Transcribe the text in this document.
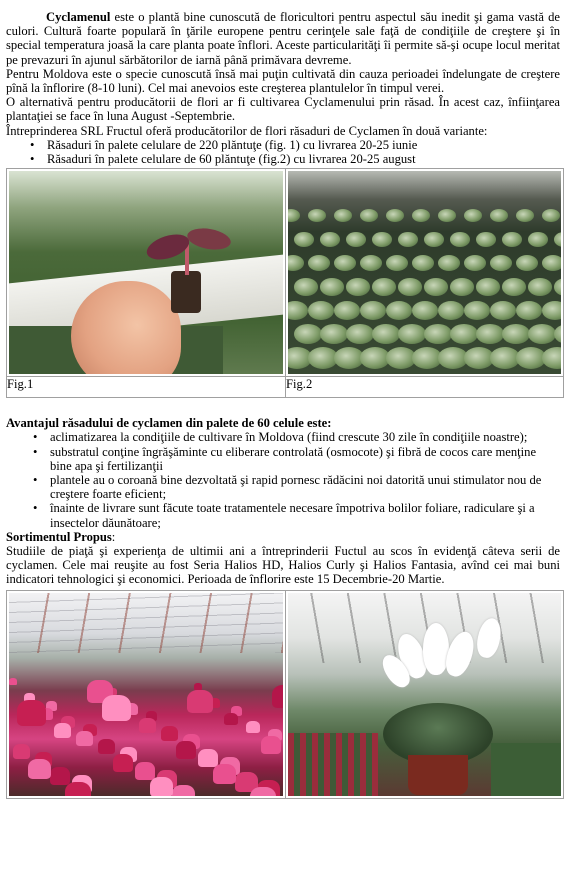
Cyclamenul este o plantă bine cunoscută de floricultori pentru aspectul său inedit şi gama vastă de culori. Cultură foarte populară în ţările europene pentru cerinţele sale faţă de condiţiile de creştere şi în special temperatura joasă la care planta poate înflori. Aceste particularităţi îi permite să-şi ocupe locul meritat pe prevazuri în ajunul sărbătorilor de iarnă până primăvara devreme.

Pentru Moldova este o specie cunoscută însă mai puţin cultivată din cauza perioadei îndelungate de creştere pînă la înflorire (8-10 luni). Cel mai anevoios este creşterea plantulelor în timpul verei.

O alternativă pentru producătorii de flori ar fi cultivarea Cyclamenului prin răsad. În acest caz, înfiinţarea plantaţiei se face în luna August -Septembrie.

Întreprinderea SRL Fructul oferă producătorilor de flori răsaduri de Cyclamen în două variante:

• Răsaduri în palete celulare de 220 plăntuţe (fig. 1) cu livrarea 20-25 iunie
• Răsaduri în palete celulare de 60 plăntuţe (fig.2) cu livrarea 20-25 august

Fig.1	Fig.2

Avantajul răsadului de cyclamen din palete de 60 celule este:

• aclimatizarea la condiţiile de cultivare în Moldova (fiind crescute 30 zile în condiţiile noastre);
• substratul conţine îngrăşăminte cu eliberare controlată (osmocote) şi fibră de cocos care menţine bine apa şi fertilizanţii
• plantele au o coroană bine dezvoltată şi rapid pornesc rădăcini noi datorită unui stimulator nou de creştere foarte eficient;
• înainte de livrare sunt făcute toate tratamentele necesare împotriva bolilor foliare, radiculare şi a insectelor dăunătoare;

Sortimentul Propus:

Studiile de piaţă şi experienţa de ultimii ani a întreprinderii Fuctul au scos în evidenţă câteva serii de cyclamen. Cele mai reuşite au fost Seria Halios HD, Halios Curly şi Halios Fantasia, avînd cei mai buni indicatori tehnologici şi economici. Perioada de înflorire este 15 Decembrie-20 Martie.
